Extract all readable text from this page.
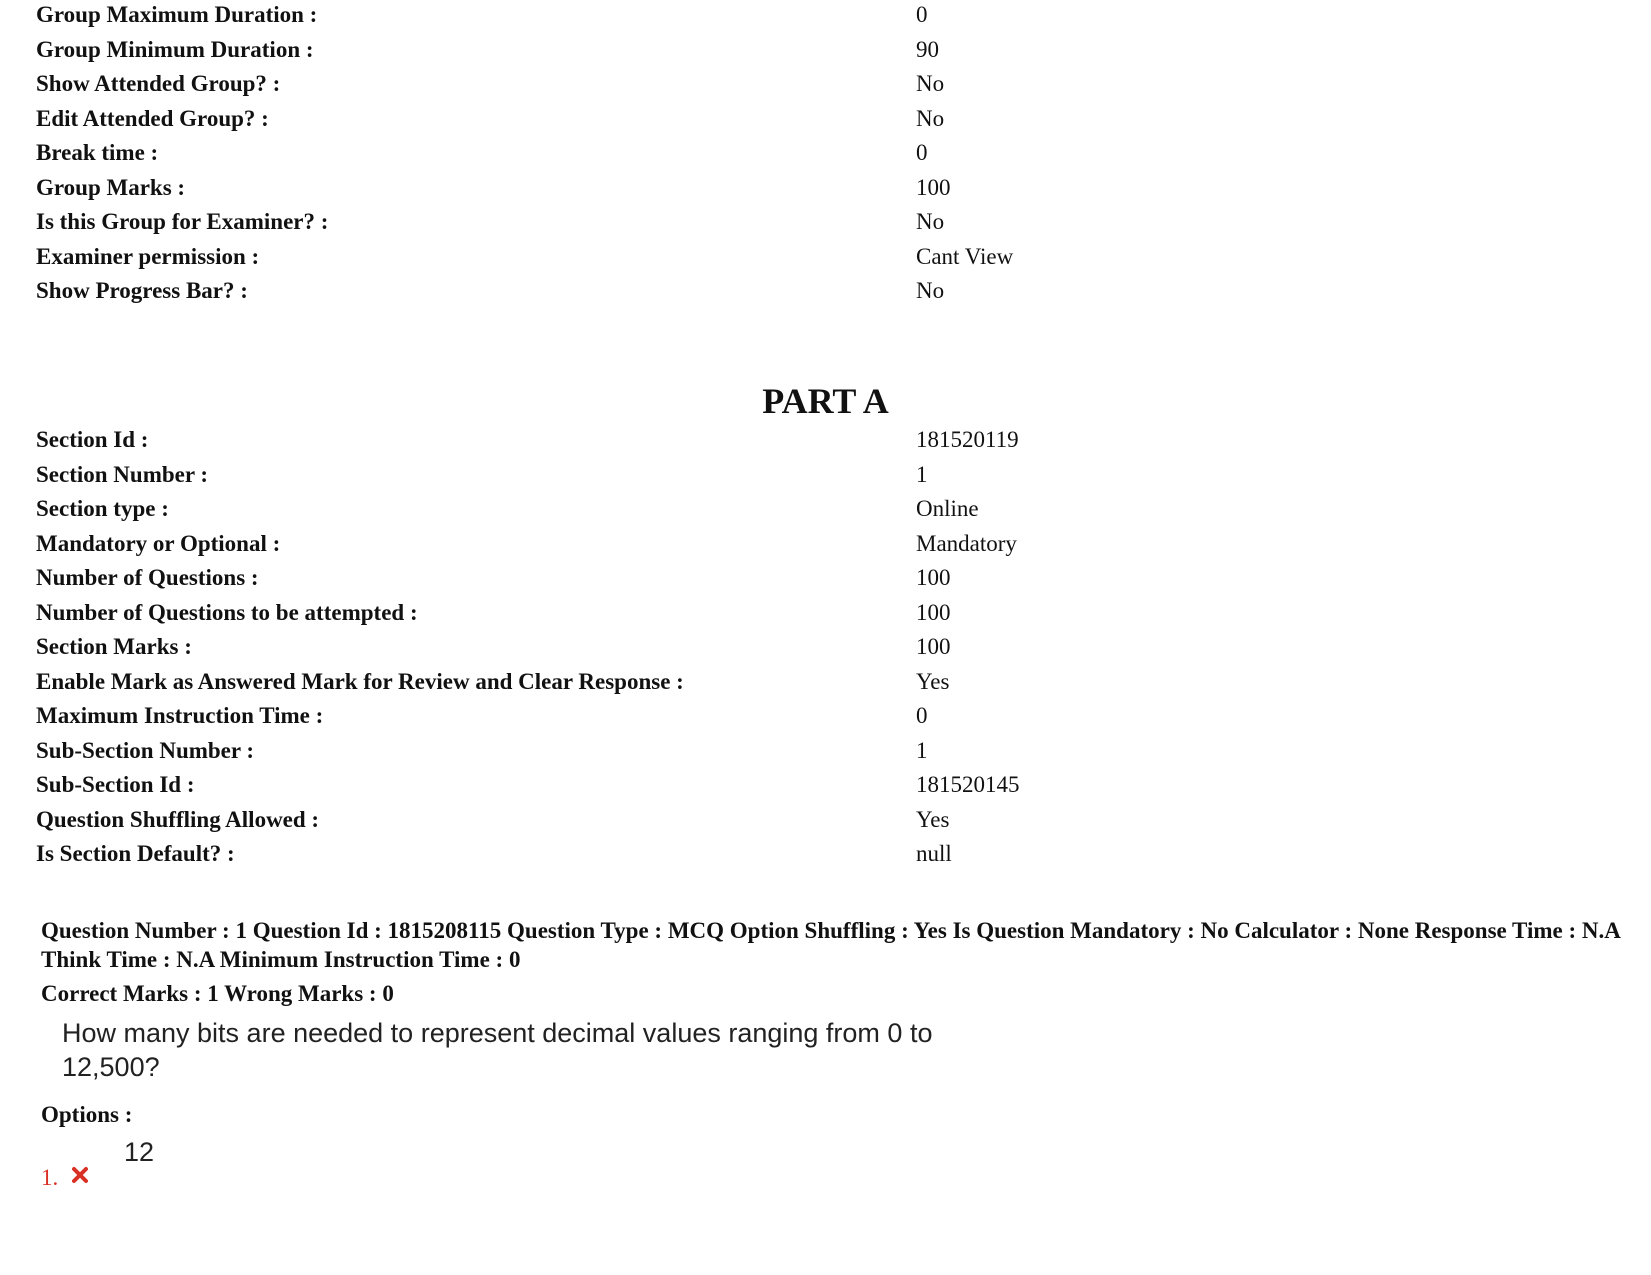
Group Maximum Duration :	0
Group Minimum Duration :	90
Show Attended Group? :	No
Edit Attended Group? :	No
Break time :	0
Group Marks :	100
Is this Group for Examiner? :	No
Examiner permission :	Cant View
Show Progress Bar? :	No
PART A
Section Id :	181520119
Section Number :	1
Section type :	Online
Mandatory or Optional :	Mandatory
Number of Questions :	100
Number of Questions to be attempted :	100
Section Marks :	100
Enable Mark as Answered Mark for Review and Clear Response :	Yes
Maximum Instruction Time :	0
Sub-Section Number :	1
Sub-Section Id :	181520145
Question Shuffling Allowed :	Yes
Is Section Default? :	null
Question Number : 1 Question Id : 1815208115 Question Type : MCQ Option Shuffling : Yes Is Question Mandatory : No Calculator : None Response Time : N.A Think Time : N.A Minimum Instruction Time : 0
Correct Marks : 1 Wrong Marks : 0
How many bits are needed to represent decimal values ranging from 0 to 12,500?
Options :
1.
12
